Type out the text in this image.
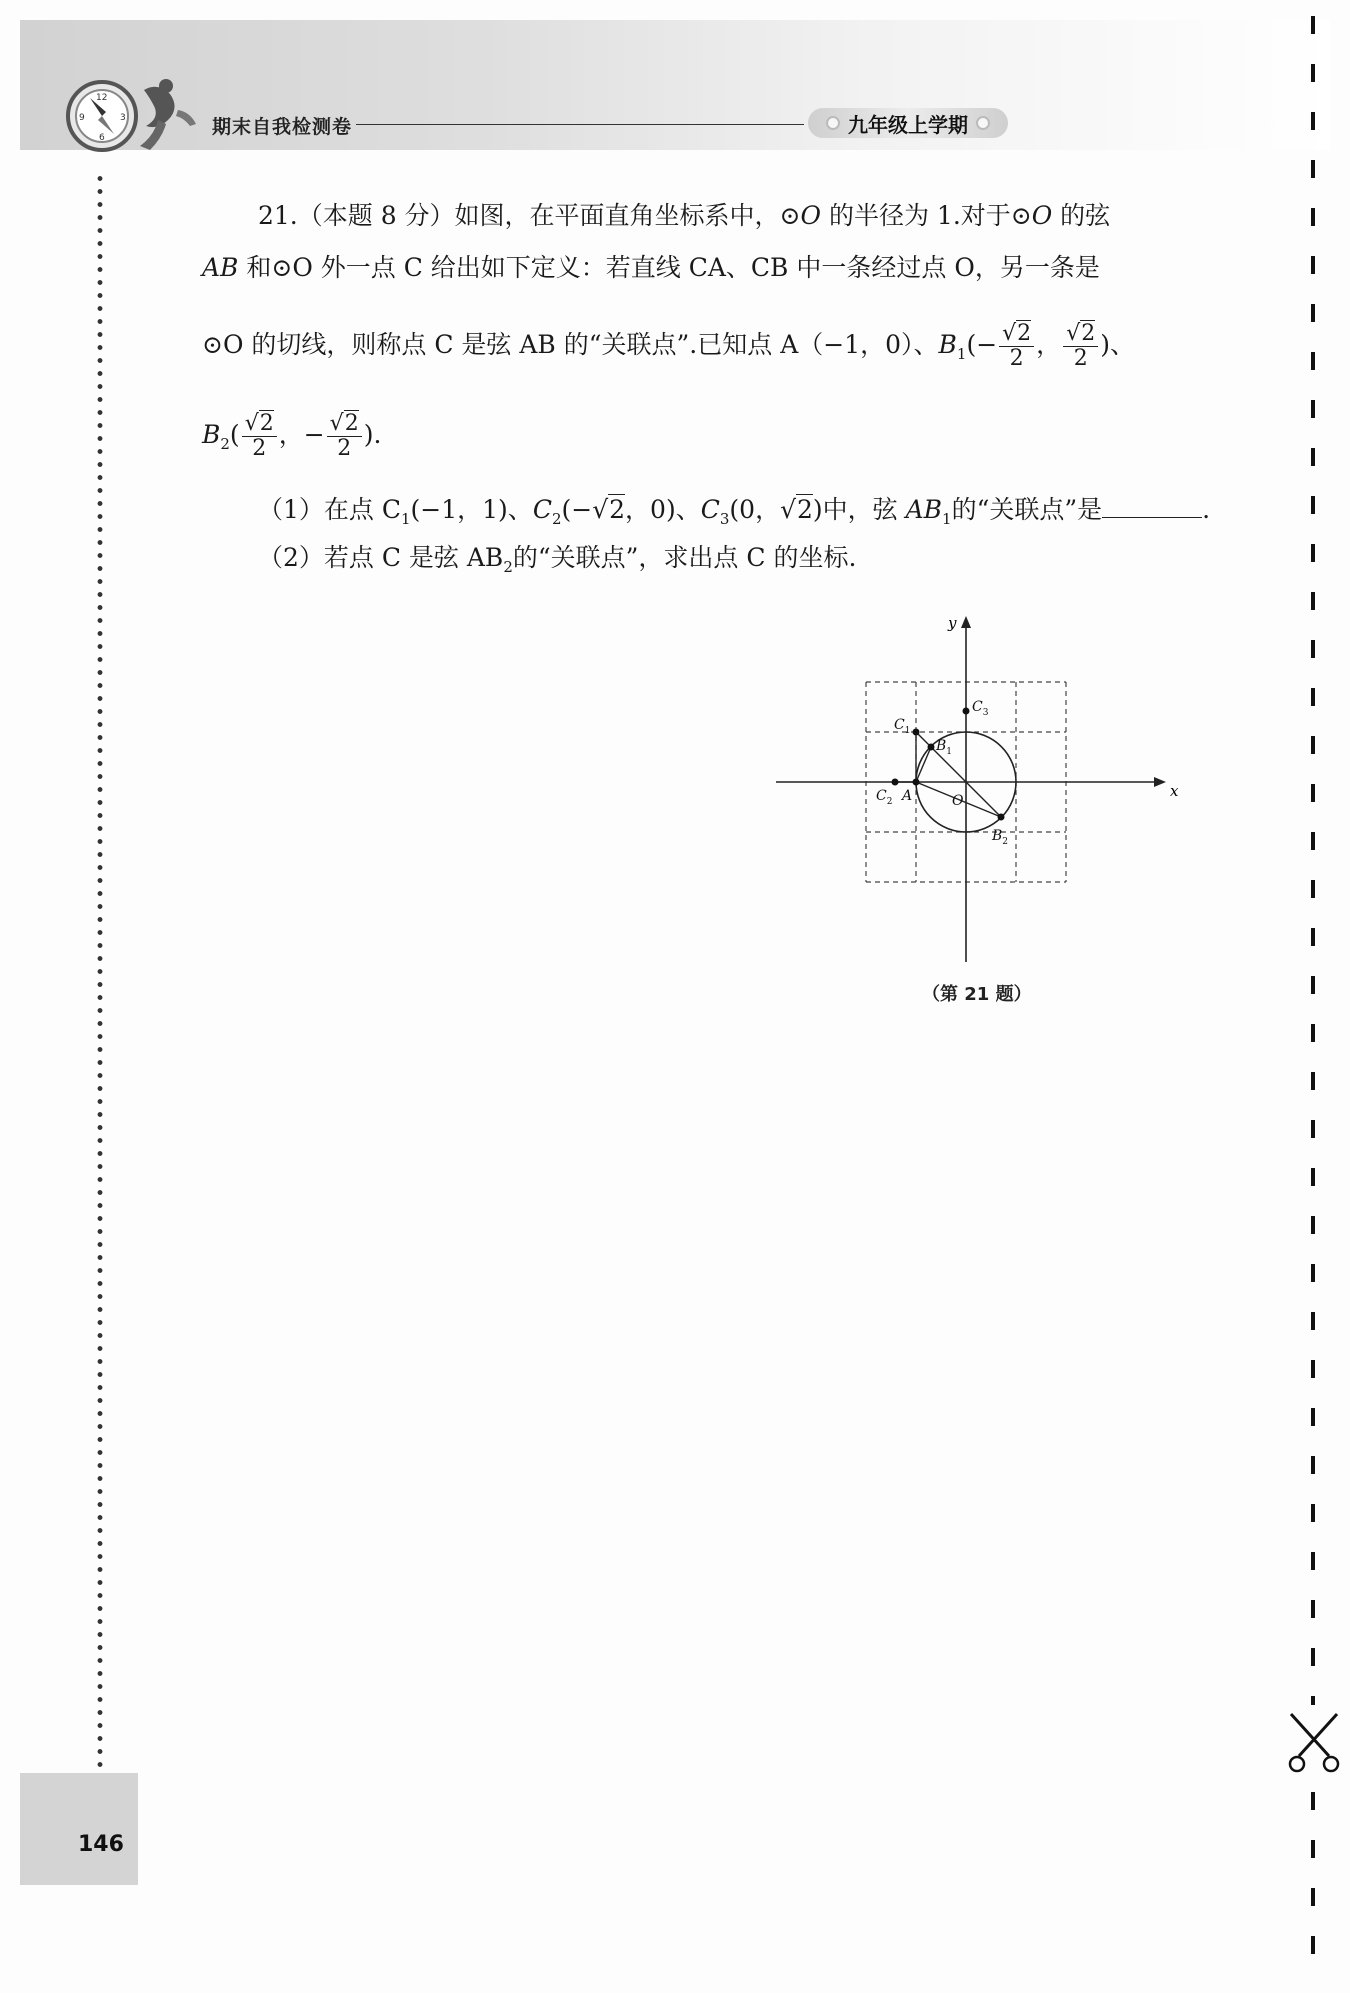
12
3
6
9	期末自我检测卷	九年级上学期
21.（本题 8 分）如图，在平面直角坐标系中，⊙O 的半径为 1.对于⊙O 的弦
AB 和⊙O 外一点 C 给出如下定义：若直线 CA、CB 中一条经过点 O，另一条是
⊙O 的切线，则称点 C 是弦 AB 的“关联点”.已知点 A（−1，0）、$B_1(- \frac{√2}{2}$ ， $\frac{√2}{2}$ )、
$B_2( \frac{√2}{2}$ ，− $\frac{√2}{2}$ ).
（1）在点 $C_1(-1$，1)、$C_2(-√2$，0)、$C_3(0$，√2)中，弦 $AB_1$的“关联点”是	.
（2）若点 C 是弦 $AB_2$的“关联点”，求出点 C 的坐标.
x
y
O
A
$C_2$
$C_1$
$C_3$
$B_1$
$B_2$
（第 21 题）
146
